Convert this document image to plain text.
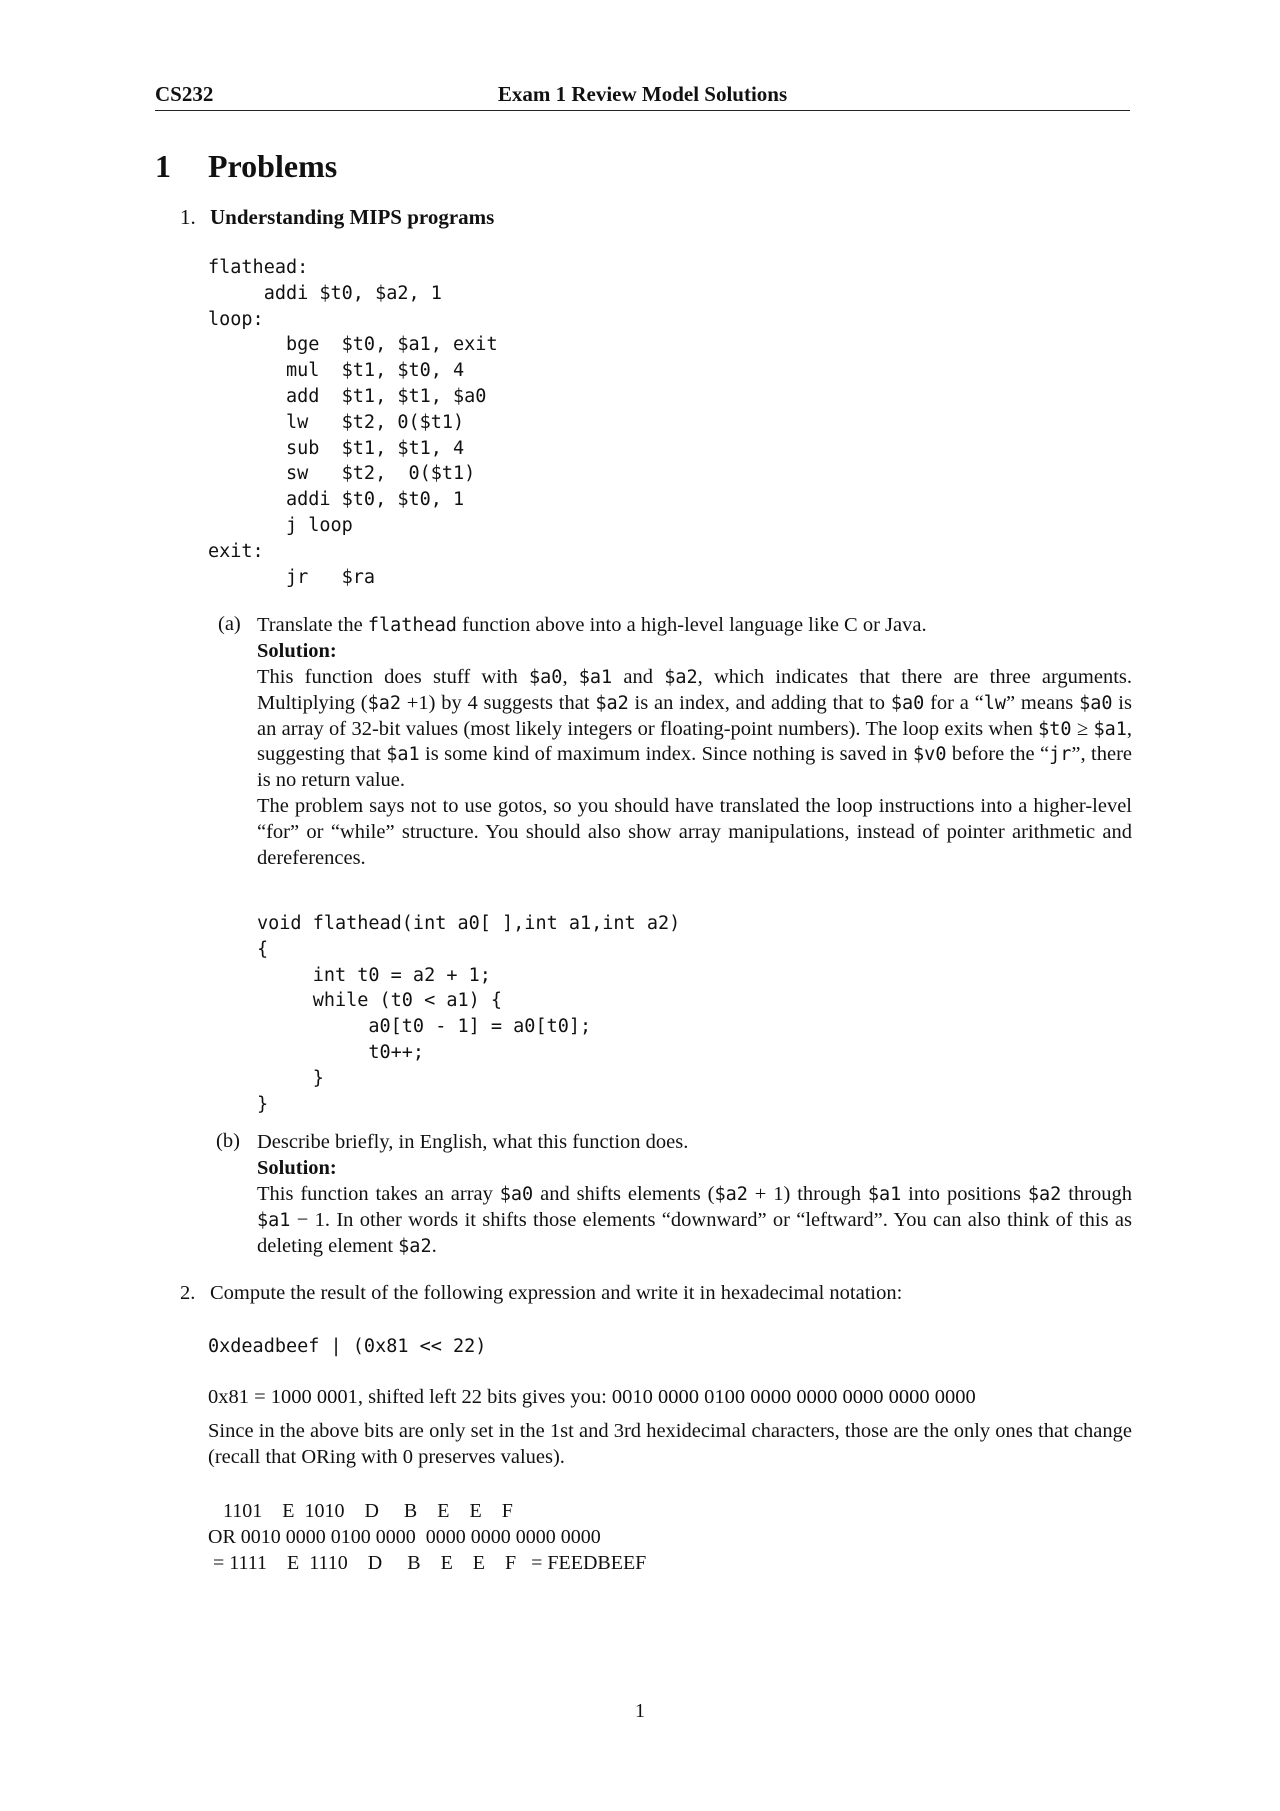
CS232	Exam 1 Review Model Solutions
1 Problems
1. Understanding MIPS programs
flathead:
addi $t0, $a2, 1
loop:
bge  $t0, $a1, exit
mul  $t1, $t0, 4
add  $t1, $t1, $a0
lw   $t2, 0($t1)
sub  $t1, $t1, 4
sw   $t2,  0($t1)
addi $t0, $t0, 1
j loop
exit:
jr   $ra
(a) Translate the flathead function above into a high-level language like C or Java.
Solution:
This function does stuff with $a0, $a1 and $a2, which indicates that there are three arguments. Multiplying ($a2 +1) by 4 suggests that $a2 is an index, and adding that to $a0 for a “lw” means $a0 is an array of 32-bit values (most likely integers or floating-point numbers). The loop exits when $t0 ≥ $a1, suggesting that $a1 is some kind of maximum index. Since nothing is saved in $v0 before the “jr”, there is no return value.
The problem says not to use gotos, so you should have translated the loop instructions into a higher-level “for” or “while” structure. You should also show array manipulations, instead of pointer arithmetic and dereferences.
void flathead(int a0[ ],int a1,int a2)
{
int t0 = a2 + 1;
while (t0 < a1) {
a0[t0 - 1] = a0[t0];
t0++;
}
}
(b) Describe briefly, in English, what this function does.
Solution:
This function takes an array $a0 and shifts elements ($a2 + 1) through $a1 into positions $a2 through $a1 − 1. In other words it shifts those elements “downward” or “leftward”. You can also think of this as deleting element $a2.
2. Compute the result of the following expression and write it in hexadecimal notation:
0xdeadbeef | (0x81 << 22)
0x81 = 1000 0001, shifted left 22 bits gives you: 0010 0000 0100 0000 0000 0000 0000 0000
Since in the above bits are only set in the 1st and 3rd hexidecimal characters, those are the only ones that change (recall that ORing with 0 preserves values).
1101    E  1010    D     B    E    E    F
OR 0010 0000 0100 0000  0000 0000 0000 0000
= 1111    E  1110    D     B    E    E    F   = FEEDBEEF
1
